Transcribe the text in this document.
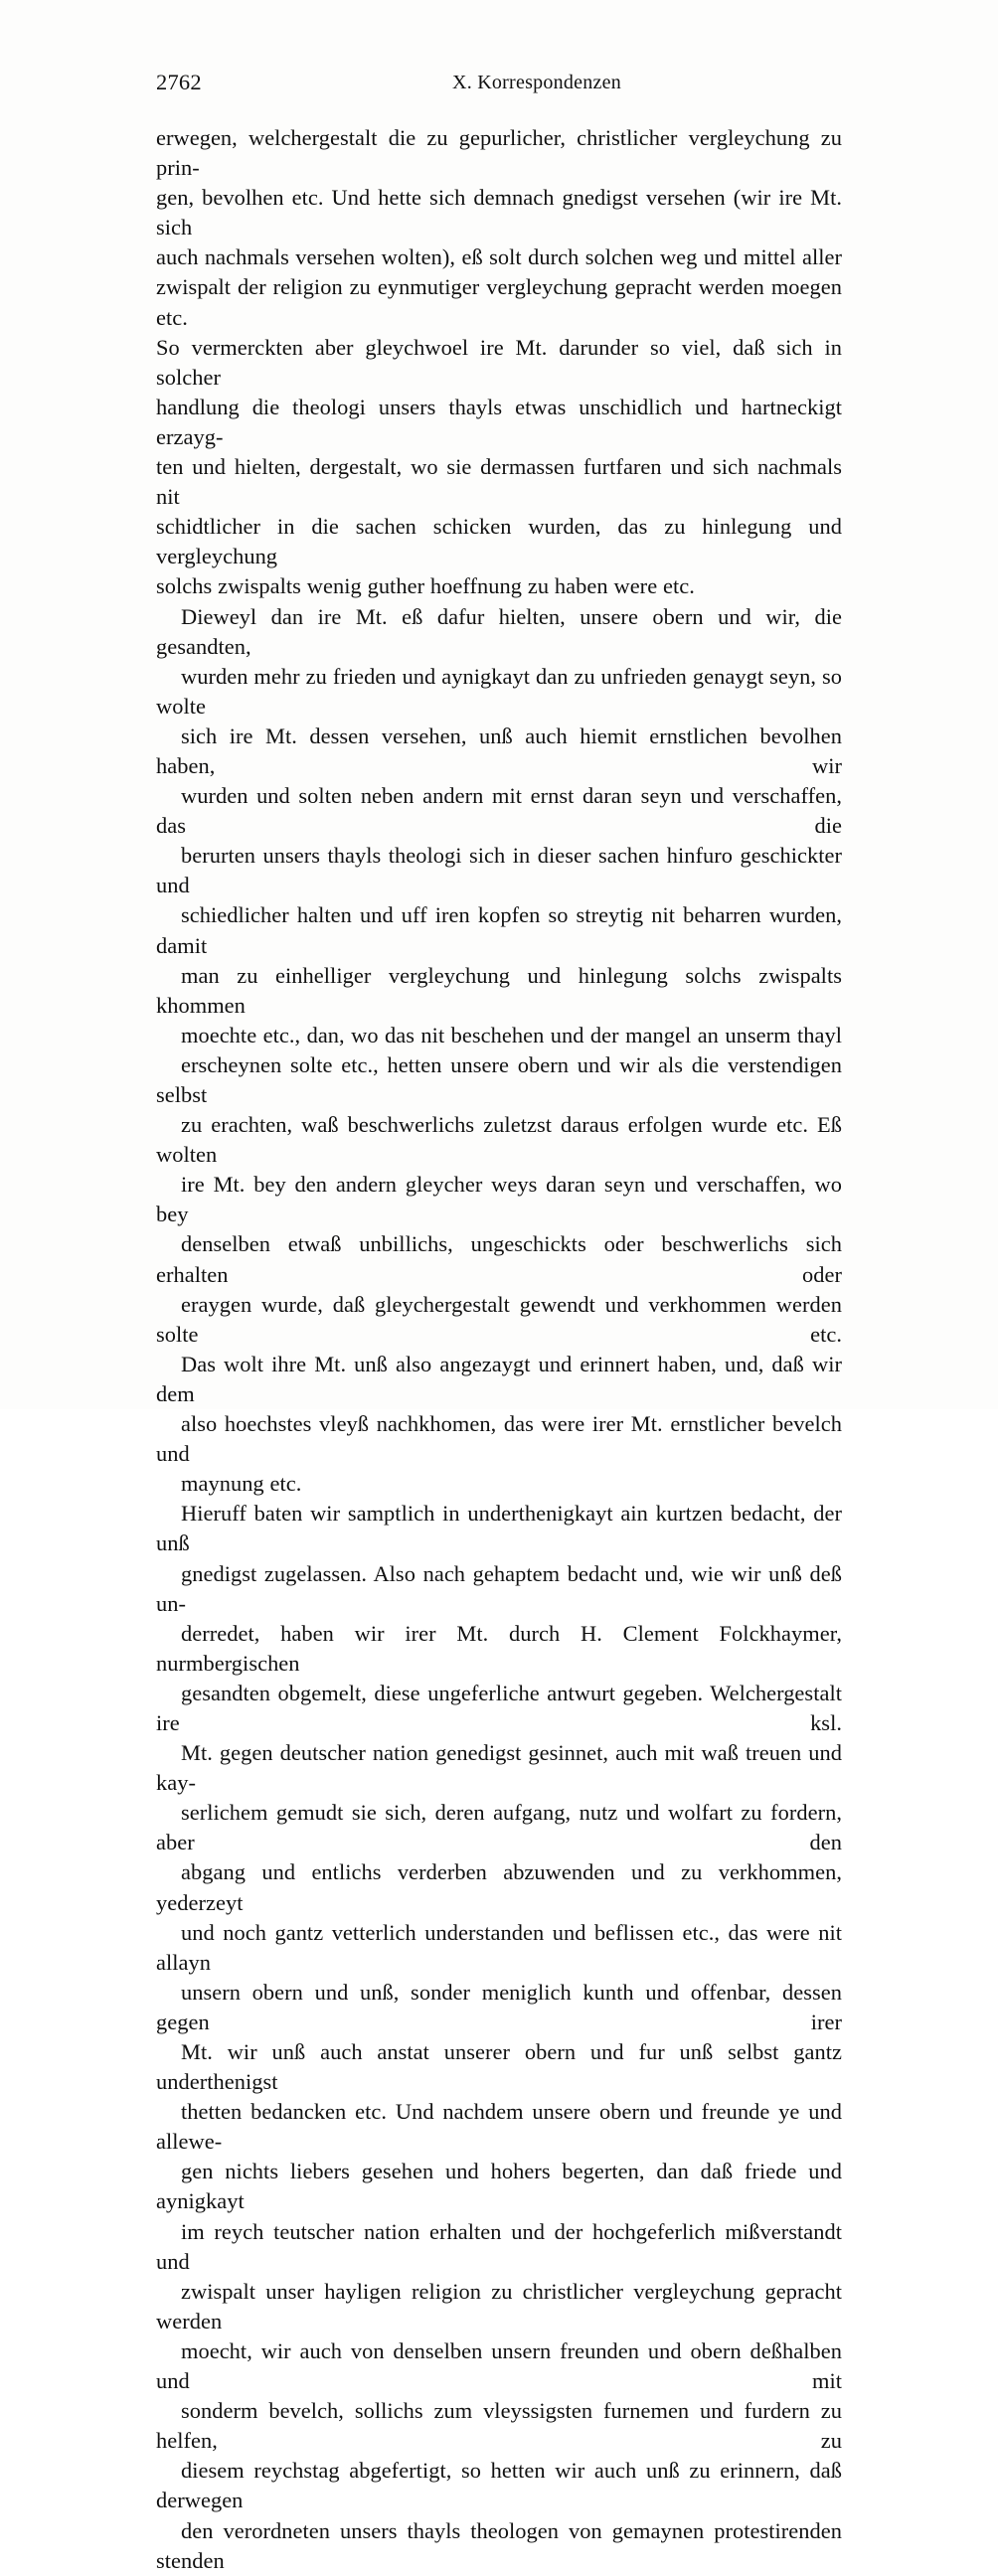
2762	X. Korrespondenzen

erwegen, welchergestalt die zu gepurlicher, christlicher vergleychung zu prin-
gen, bevolhen etc. Und hette sich demnach gnedigst versehen (wir ire Mt. sich
auch nachmals versehen wolten), eß solt durch solchen weg und mittel aller
zwispalt der religion zu eynmutiger vergleychung gepracht werden moegen etc.
So vermerckten aber gleychwoel ire Mt. darunder so viel, daß sich in solcher
handlung die theologi unsers thayls etwas unschidlich und hartneckigt erzayg-
ten und hielten, dergestalt, wo sie dermassen furtfaren und sich nachmals nit
schidtlicher in die sachen schicken wurden, das zu hinlegung und vergleychung
solchs zwispalts wenig guther hoeffnung zu haben were etc.

Dieweyl dan ire Mt. eß dafur hielten, unsere obern und wir, die gesandten,
wurden mehr zu frieden und aynigkayt dan zu unfrieden genaygt seyn, so wolte
sich ire Mt. dessen versehen, unß auch hiemit ernstlichen bevolhen haben, wir
wurden und solten neben andern mit ernst daran seyn und verschaffen, das die
berurten unsers thayls theologi sich in dieser sachen hinfuro geschickter und
schiedlicher halten und uff iren kopfen so streytig nit beharren wurden, damit
man zu einhelliger vergleychung und hinlegung solchs zwispalts khommen
moechte etc., dan, wo das nit beschehen und der mangel an unserm thayl
erscheynen solte etc., hetten unsere obern und wir als die verstendigen selbst
zu erachten, waß beschwerlichs zuletzst daraus erfolgen wurde etc. Eß wolten
ire Mt. bey den andern gleycher weys daran seyn und verschaffen, wo bey
denselben etwaß unbillichs, ungeschickts oder beschwerlichs sich erhalten oder
eraygen wurde, daß gleychergestalt gewendt und verkhommen werden solte etc.
Das wolt ihre Mt. unß also angezaygt und erinnert haben, und, daß wir dem
also hoechstes vleyß nachkhomen, das were irer Mt. ernstlicher bevelch und
maynung etc.

Hieruff baten wir samptlich in underthenigkayt ain kurtzen bedacht, der unß
gnedigst zugelassen. Also nach gehaptem bedacht und, wie wir unß deß un-
derredet, haben wir irer Mt. durch H. Clement Folckhaymer, nurmbergischen
gesandten obgemelt, diese ungeferliche antwurt gegeben. Welchergestalt ire ksl.
Mt. gegen deutscher nation genedigst gesinnet, auch mit waß treuen und kay-
serlichem gemudt sie sich, deren aufgang, nutz und wolfart zu fordern, aber den
abgang und entlichs verderben abzuwenden und zu verkhommen, yederzeyt
und noch gantz vetterlich understanden und beflissen etc., das were nit allayn
unsern obern und unß, sonder meniglich kunth und offenbar, dessen gegen irer
Mt. wir unß auch anstat unserer obern und fur unß selbst gantz underthenigst
thetten bedancken etc. Und nachdem unsere obern und freunde ye und allewe-
gen nichts liebers gesehen und hohers begerten, dan daß friede und aynigkayt
im reych teutscher nation erhalten und der hochgeferlich mißverstandt und
zwispalt unser hayligen religion zu christlicher vergleychung gepracht werden
moecht, wir auch von denselben unsern freunden und obern deßhalben und mit
sonderm bevelch, sollichs zum vleyssigsten furnemen und furdern zu helfen, zu
diesem reychstag abgefertigt, so hetten wir auch unß zu erinnern, daß derwegen
den verordneten unsers thayls theologen von gemaynen protestirenden stenden
